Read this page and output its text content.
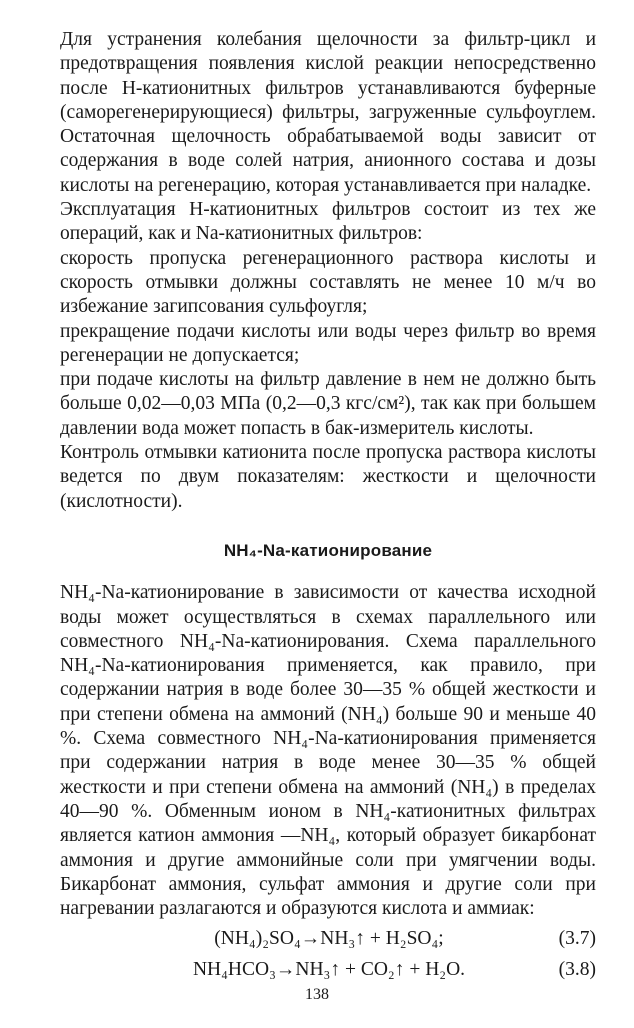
Для устранения колебания щелочности за фильтр-цикл и предотвращения появления кислой реакции непосредственно после Н-катионитных фильтров устанавливаются буферные (саморегенерирующиеся) фильтры, загруженные сульфоуглем. Остаточная щелочность обрабатываемой воды зависит от содержания в воде солей натрия, анионного состава и дозы кислоты на регенерацию, которая устанавливается при наладке.

Эксплуатация Н-катионитных фильтров состоит из тех же операций, как и Na-катионитных фильтров:

скорость пропуска регенерационного раствора кислоты и скорость отмывки должны составлять не менее 10 м/ч во избежание загипсования сульфоугля;

прекращение подачи кислоты или воды через фильтр во время регенерации не допускается;

при подаче кислоты на фильтр давление в нем не должно быть больше 0,02—0,03 МПа (0,2—0,3 кгс/см²), так как при большем давлении вода может попасть в бак-измеритель кислоты.

Контроль отмывки катионита после пропуска раствора кислоты ведется по двум показателям: жесткости и щелочности (кислотности).

NH₄-Na-катионирование

NH₄-Na-катионирование в зависимости от качества исходной воды может осуществляться в схемах параллельного или совместного NH₄-Na-катионирования. Схема параллельного NH₄-Na-катионирования применяется, как правило, при содержании натрия в воде более 30—35 % общей жесткости и при степени обмена на аммоний (NH₄) больше 90 и меньше 40 %. Схема совместного NH₄-Na-катионирования применяется при содержании натрия в воде менее 30—35 % общей жесткости и при степени обмена на аммоний (NH₄) в пределах 40—90 %. Обменным ионом в NH₄-катионитных фильтрах является катион аммония —NH₄, который образует бикарбонат аммония и другие аммонийные соли при умягчении воды. Бикарбонат аммония, сульфат аммония и другие соли при нагревании разлагаются и образуются кислота и аммиак:

(NH₄)₂SO₄→NH₃↑ + H₂SO₄;	(3.7)
NH₄HCO₃→NH₃↑ + CO₂↑ + H₂O.	(3.8)
138
